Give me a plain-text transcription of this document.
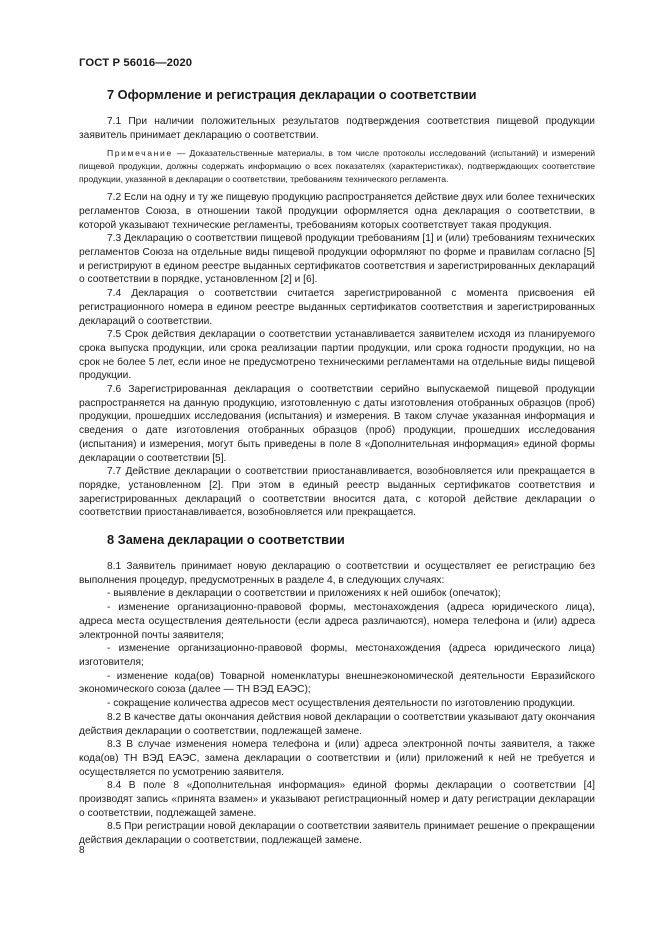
ГОСТ Р 56016—2020
7 Оформление и регистрация декларации о соответствии

7.1 При наличии положительных результатов подтверждения соответствия пищевой продукции заявитель принимает декларацию о соответствии.

Примечание — Доказательственные материалы, в том числе протоколы исследований (испытаний) и измерений пищевой продукции, должны содержать информацию о всех показателях (характеристиках), подтверждающих соответствие продукции, указанной в декларации о соответствии, требованиям технического регламента.

7.2 Если на одну и ту же пищевую продукцию распространяется действие двух или более технических регламентов Союза, в отношении такой продукции оформляется одна декларация о соответствии, в которой указывают технические регламенты, требованиям которых соответствует такая продукция.

7.3 Декларацию о соответствии пищевой продукции требованиям [1] и (или) требованиям технических регламентов Союза на отдельные виды пищевой продукции оформляют по форме и правилам согласно [5] и регистрируют в едином реестре выданных сертификатов соответствия и зарегистрированных деклараций о соответствии в порядке, установленном [2] и [6].

7.4 Декларация о соответствии считается зарегистрированной с момента присвоения ей регистрационного номера в едином реестре выданных сертификатов соответствия и зарегистрированных деклараций о соответствии.

7.5 Срок действия декларации о соответствии устанавливается заявителем исходя из планируемого срока выпуска продукции, или срока реализации партии продукции, или срока годности продукции, но на срок не более 5 лет, если иное не предусмотрено техническими регламентами на отдельные виды пищевой продукции.

7.6 Зарегистрированная декларация о соответствии серийно выпускаемой пищевой продукции распространяется на данную продукцию, изготовленную с даты изготовления отобранных образцов (проб) продукции, прошедших исследования (испытания) и измерения. В таком случае указанная информация и сведения о дате изготовления отобранных образцов (проб) продукции, прошедших исследования (испытания) и измерения, могут быть приведены в поле 8 «Дополнительная информация» единой формы декларации о соответствии [5].

7.7 Действие декларации о соответствии приостанавливается, возобновляется или прекращается в порядке, установленном [2]. При этом в единый реестр выданных сертификатов соответствия и зарегистрированных деклараций о соответствии вносится дата, с которой действие декларации о соответствии приостанавливается, возобновляется или прекращается.

8 Замена декларации о соответствии

8.1 Заявитель принимает новую декларацию о соответствии и осуществляет ее регистрацию без выполнения процедур, предусмотренных в разделе 4, в следующих случаях:

- выявление в декларации о соответствии и приложениях к ней ошибок (опечаток);

- изменение организационно-правовой формы, местонахождения (адреса юридического лица), адреса места осуществления деятельности (если адреса различаются), номера телефона и (или) адреса электронной почты заявителя;

- изменение организационно-правовой формы, местонахождения (адреса юридического лица) изготовителя;

- изменение кода(ов) Товарной номенклатуры внешнеэкономической деятельности Евразийского экономического союза (далее — ТН ВЭД ЕАЭС);

- сокращение количества адресов мест осуществления деятельности по изготовлению продукции.

8.2 В качестве даты окончания действия новой декларации о соответствии указывают дату окончания действия декларации о соответствии, подлежащей замене.

8.3 В случае изменения номера телефона и (или) адреса электронной почты заявителя, а также кода(ов) ТН ВЭД ЕАЭС, замена декларации о соответствии и (или) приложений к ней не требуется и осуществляется по усмотрению заявителя.

8.4 В поле 8 «Дополнительная информация» единой формы декларации о соответствии [4] производят запись «принята взамен» и указывают регистрационный номер и дату регистрации декларации о соответствии, подлежащей замене.

8.5 При регистрации новой декларации о соответствии заявитель принимает решение о прекращении действия декларации о соответствии, подлежащей замене.

8
